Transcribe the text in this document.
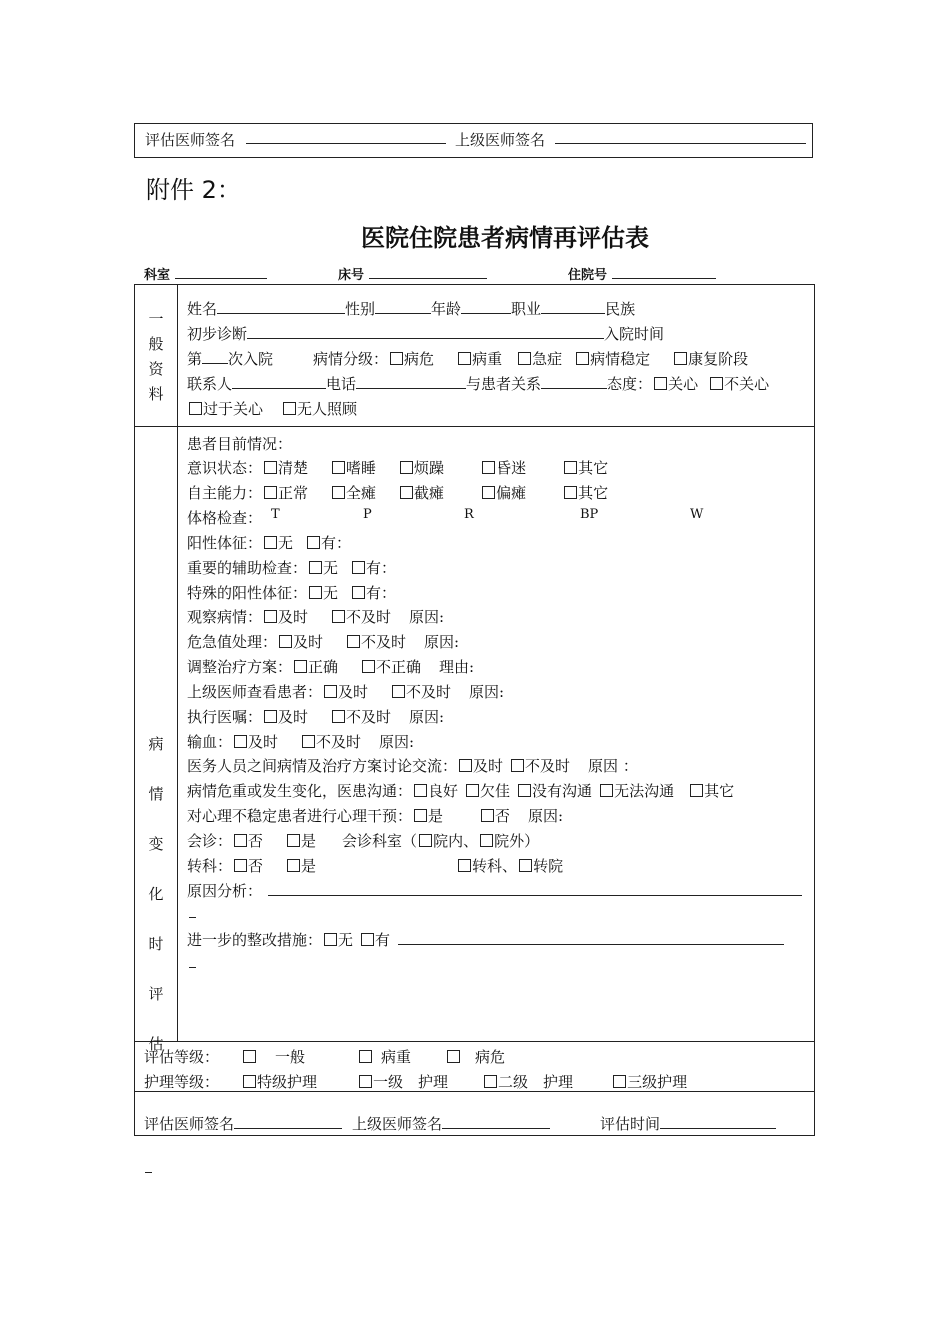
评估医师签名	上级医师签名
附件 2：
医院住院患者病情再评估表
科室	床号	住院号
一
般
资
料
姓名	性别	年龄	职业	民族
初步诊断	入院时间
第 次入院	病情分级： 病危	病重 急症 病情稳定	康复阶段
联系人	电话	与患者关系	态度： 关心 不关心
过于关心 无人照顾
病
情
变
化
时
评
估
患者目前情况：
意识状态： 清楚	嗜睡	烦躁	昏迷	其它
自主能力： 正常	全瘫	截瘫	偏瘫	其它
体格检查： T	P	R	BP	W
阳性体征： 无 有：
重要的辅助检查： 无 有：
特殊的阳性体征： 无 有：
观察病情： 及时	不及时 原因:
危急值处理： 及时	不及时 原因:
调整治疗方案： 正确	不正确 理由:
上级医师查看患者： 及时	不及时 原因:
执行医嘱： 及时	不及时 原因:
输血： 及时	不及时 原因:
医务人员之间病情及治疗方案讨论交流： 及时 不及时 原因 ：
病情危重或发生变化，医患沟通： 良好 欠佳 没有沟通 无法沟通 其它
对心理不稳定患者进行心理干预： 是	否 原因:
会诊： 否	是 会诊科室（ 院内、 院外）
转科： 否	是	转科、 转院
原因分析：
进一步的整改措施： 无 有
评估等级：	一般	病重	病危
护理等级：	特级护理	一级　护理	二级　护理	三级护理
评估医师签名	上级医师签名	评估时间
